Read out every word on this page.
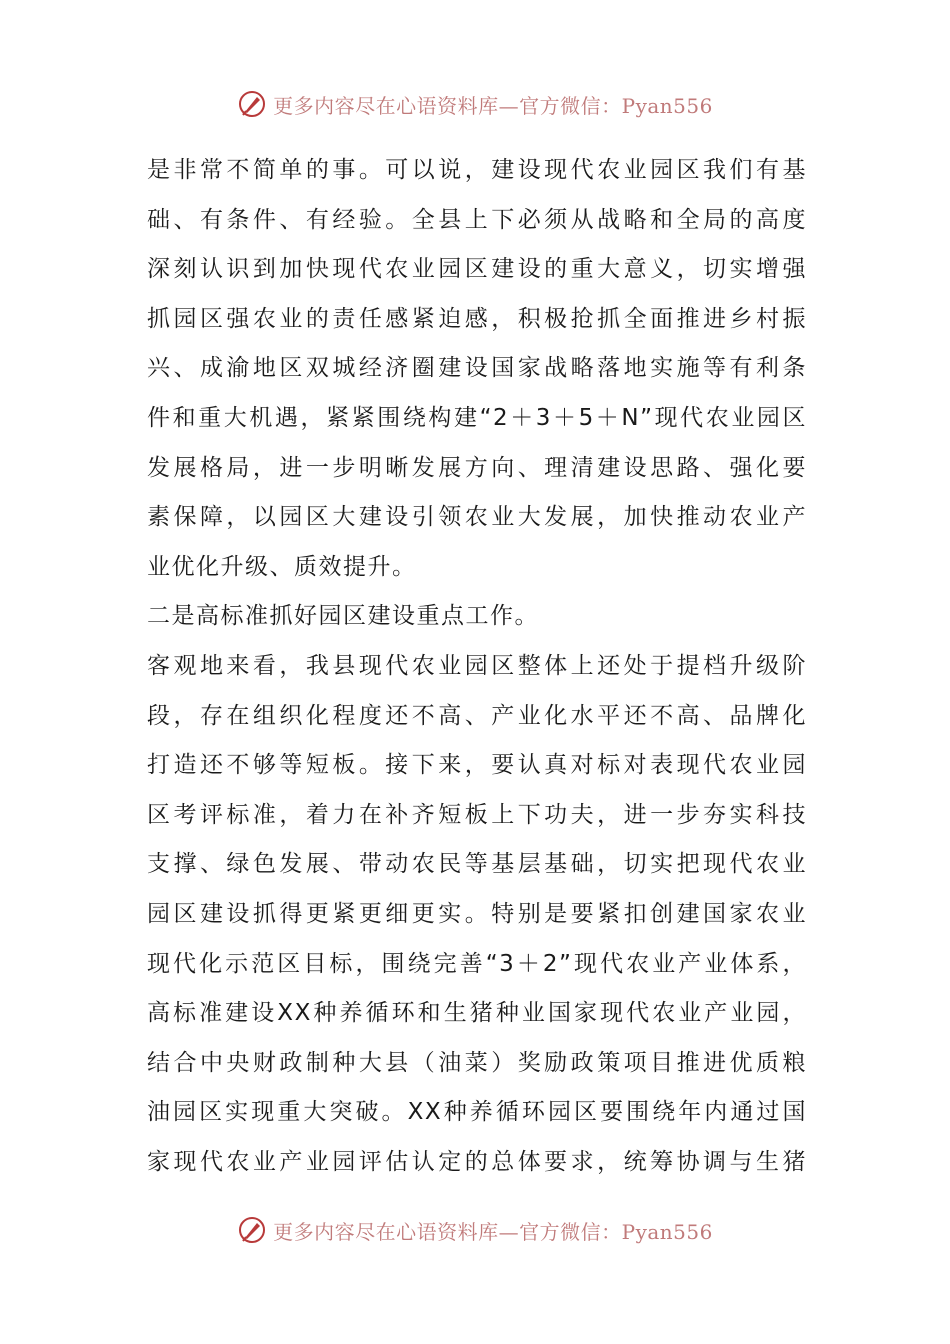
更多内容尽在心语资料库—官方微信：Pyan556
是非常不简单的事。可以说，建设现代农业园区我们有基
础、有条件、有经验。全县上下必须从战略和全局的高度
深刻认识到加快现代农业园区建设的重大意义，切实增强
抓园区强农业的责任感紧迫感，积极抢抓全面推进乡村振
兴、成渝地区双城经济圈建设国家战略落地实施等有利条
件和重大机遇，紧紧围绕构建“2＋3＋5＋N”现代农业园区
发展格局，进一步明晰发展方向、理清建设思路、强化要
素保障，以园区大建设引领农业大发展，加快推动农业产
业优化升级、质效提升。
二是高标准抓好园区建设重点工作。
客观地来看，我县现代农业园区整体上还处于提档升级阶
段，存在组织化程度还不高、产业化水平还不高、品牌化
打造还不够等短板。接下来，要认真对标对表现代农业园
区考评标准，着力在补齐短板上下功夫，进一步夯实科技
支撑、绿色发展、带动农民等基层基础，切实把现代农业
园区建设抓得更紧更细更实。特别是要紧扣创建国家农业
现代化示范区目标，围绕完善“3＋2”现代农业产业体系，
高标准建设XX种养循环和生猪种业国家现代农业产业园，
结合中央财政制种大县（油菜）奖励政策项目推进优质粮
油园区实现重大突破。XX种养循环园区要围绕年内通过国
家现代农业产业园评估认定的总体要求，统筹协调与生猪
更多内容尽在心语资料库—官方微信：Pyan556
